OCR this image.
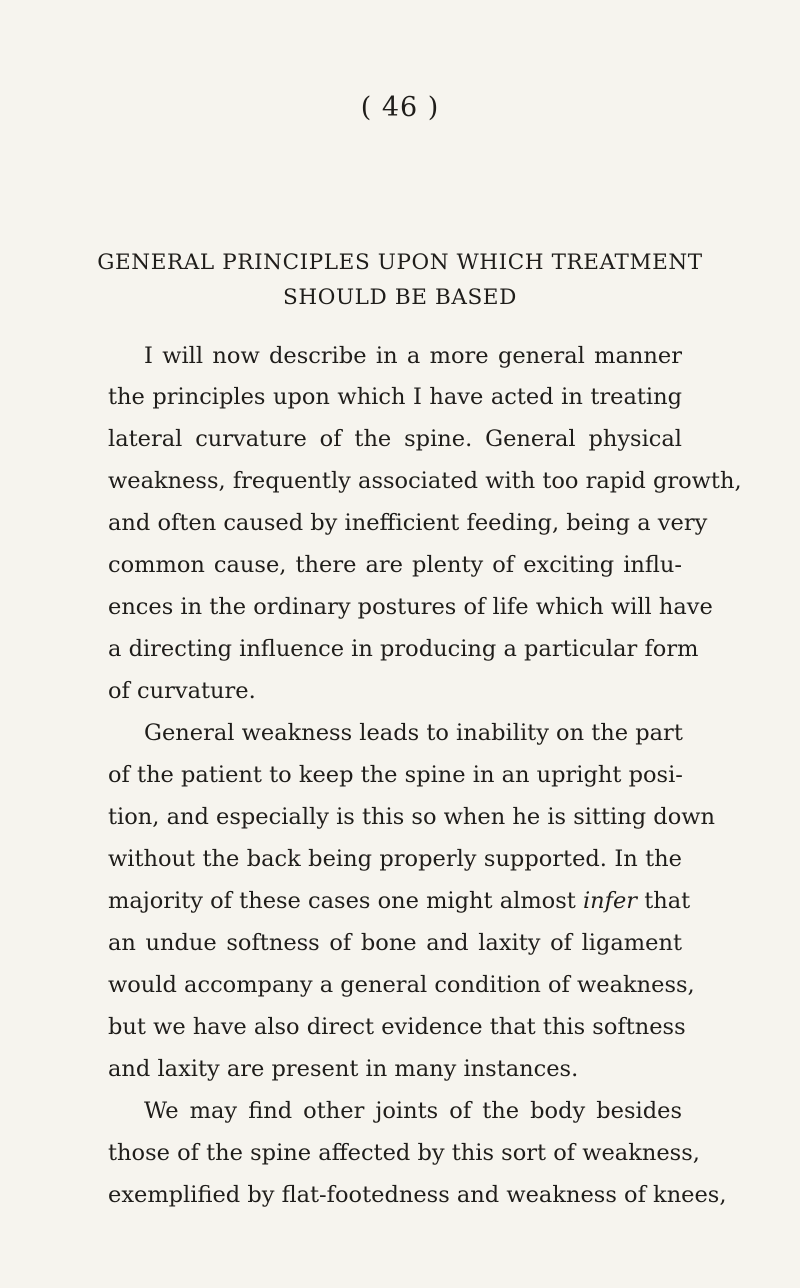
( 46 )
GENERAL PRINCIPLES UPON WHICH TREATMENT
SHOULD BE BASED
I will now describe in a more general manner
the principles upon which I have acted in treating
lateral curvature of the spine. General physical
weakness, frequently associated with too rapid growth,
and often caused by inefficient feeding, being a very
common cause, there are plenty of exciting influ-
ences in the ordinary postures of life which will have
a directing influence in producing a particular form
of curvature.
General weakness leads to inability on the part
of the patient to keep the spine in an upright posi-
tion, and especially is this so when he is sitting down
without the back being properly supported. In the
majority of these cases one might almost infer that
an undue softness of bone and laxity of ligament
would accompany a general condition of weakness,
but we have also direct evidence that this softness
and laxity are present in many instances.
We may find other joints of the body besides
those of the spine affected by this sort of weakness,
exemplified by flat-footedness and weakness of knees,
